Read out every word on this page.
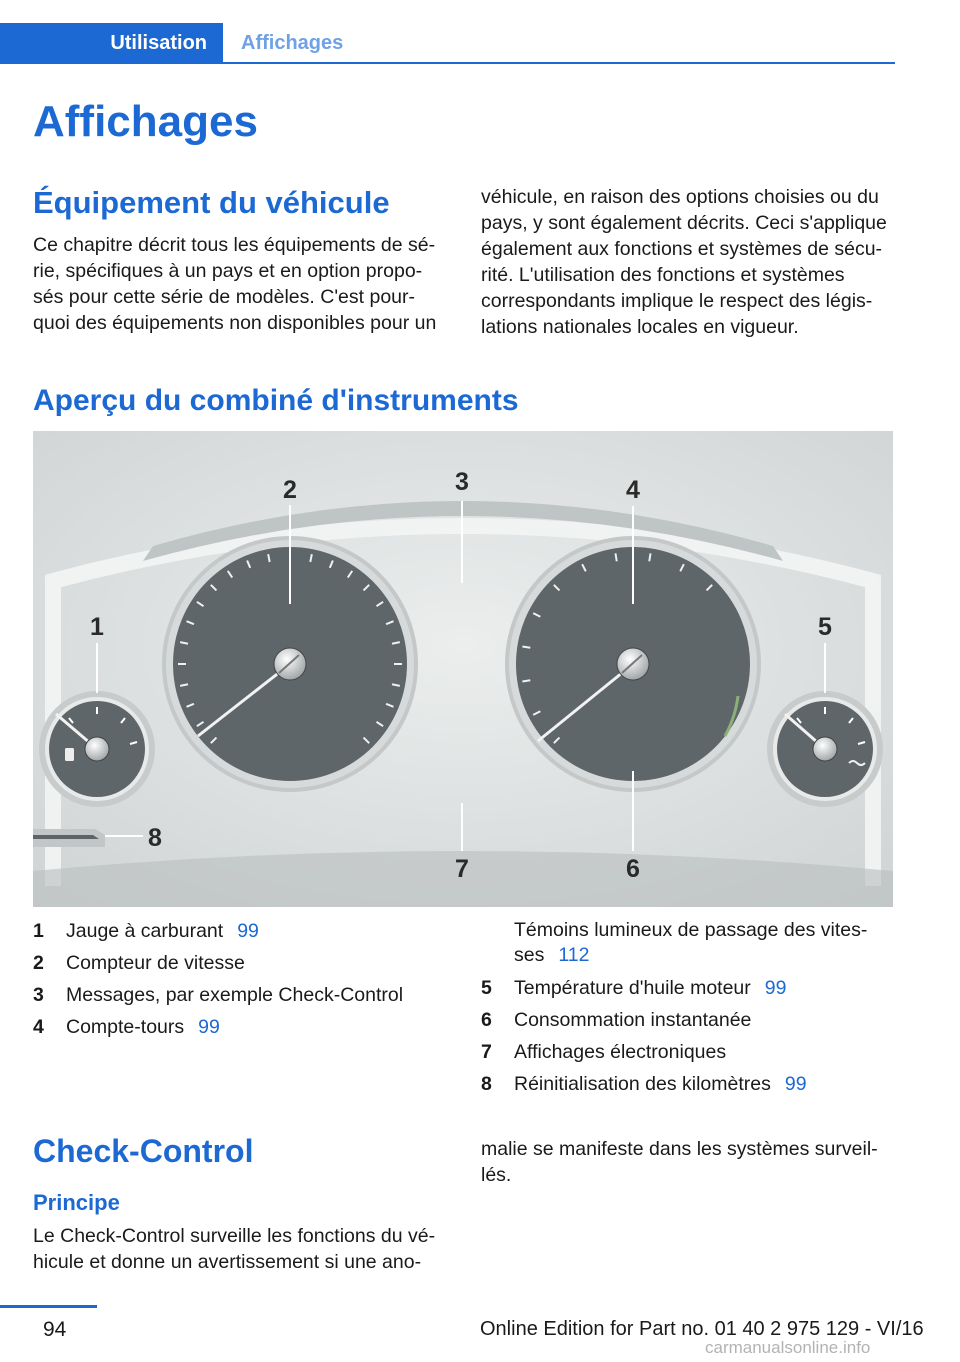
Utilisation Affichages
Affichages
Équipement du véhicule

Ce chapitre décrit tous les équipements de sé‐

rie, spécifiques à un pays et en option propo‐

sés pour cette série de modèles. C'est pour‐

quoi des équipements non disponibles pour un

véhicule, en raison des options choisies ou du

pays, y sont également décrits. Ceci s'applique

également aux fonctions et systèmes de sécu‐

rité. L'utilisation des fonctions et systèmes

correspondants implique le respect des légis‐

lations nationales locales en vigueur.

Aperçu du combiné d'instruments
1
2	3	4
5
6
7
8
1 Jauge à carburant 99
2 Compteur de vitesse
3 Messages, par exemple Check-Control
4 Compte-tours 99
Témoins lumineux de passage des vites‐
ses 112
5 Température d'huile moteur 99
6 Consommation instantanée
7 Affichages électroniques
8 Réinitialisation des kilomètres 99
Check-Control
Principe

Le Check-Control surveille les fonctions du vé‐

hicule et donne un avertissement si une ano‐

malie se manifeste dans les systèmes surveil‐

lés.

94	Online Edition for Part no. 01 40 2 975 129 - VI/16
carmanualsonline.info
